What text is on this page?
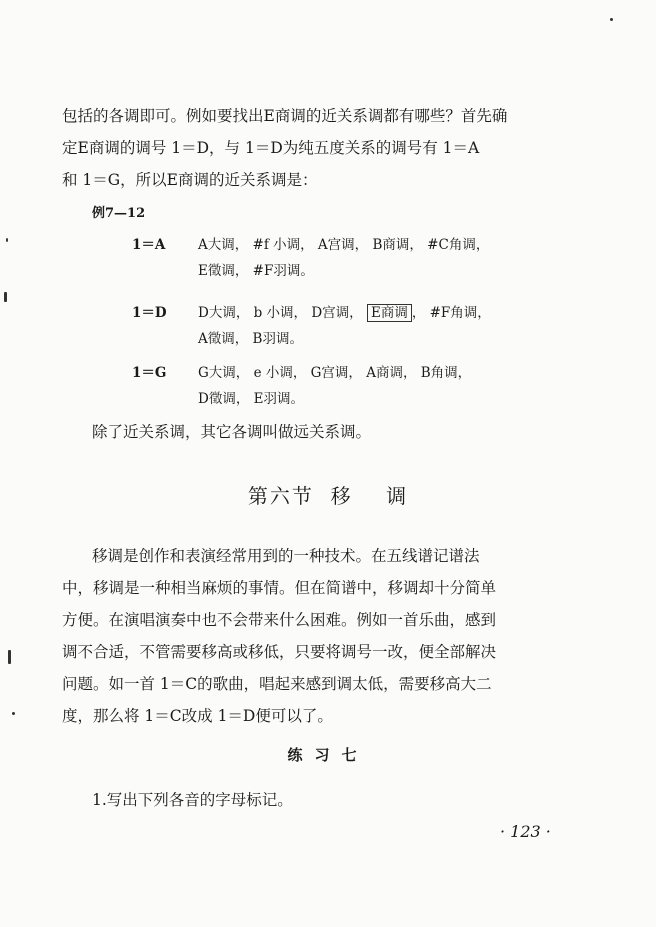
包括的各调即可。例如要找出E商调的近关系调都有哪些？首先确

定E商调的调号 1＝D，与 1＝D为纯五度关系的调号有 1＝A

和 1＝G，所以E商调的近关系调是：

例7—12
1＝A	A大调， #f 小调， A宫调， B商调， #C角调，
E徵调， #F羽调。
1＝D	D大调， b 小调， D宫调， E商调 ， #F角调，
A徵调， B羽调。
1＝G	G大调， e 小调， G宫调， A商调， B角调，
D徵调， E羽调。
除了近关系调，其它各调叫做远关系调。
第六节  移    调

移调是创作和表演经常用到的一种技术。在五线谱记谱法

中，移调是一种相当麻烦的事情。但在简谱中，移调却十分简单

方便。在演唱演奏中也不会带来什么困难。例如一首乐曲，感到

调不合适，不管需要移高或移低，只要将调号一改，便全部解决

问题。如一首 1＝C的歌曲，唱起来感到调太低，需要移高大二

度，那么将 1＝C改成 1＝D便可以了。

练习七
1.写出下列各音的字母标记。
· 123 ·
